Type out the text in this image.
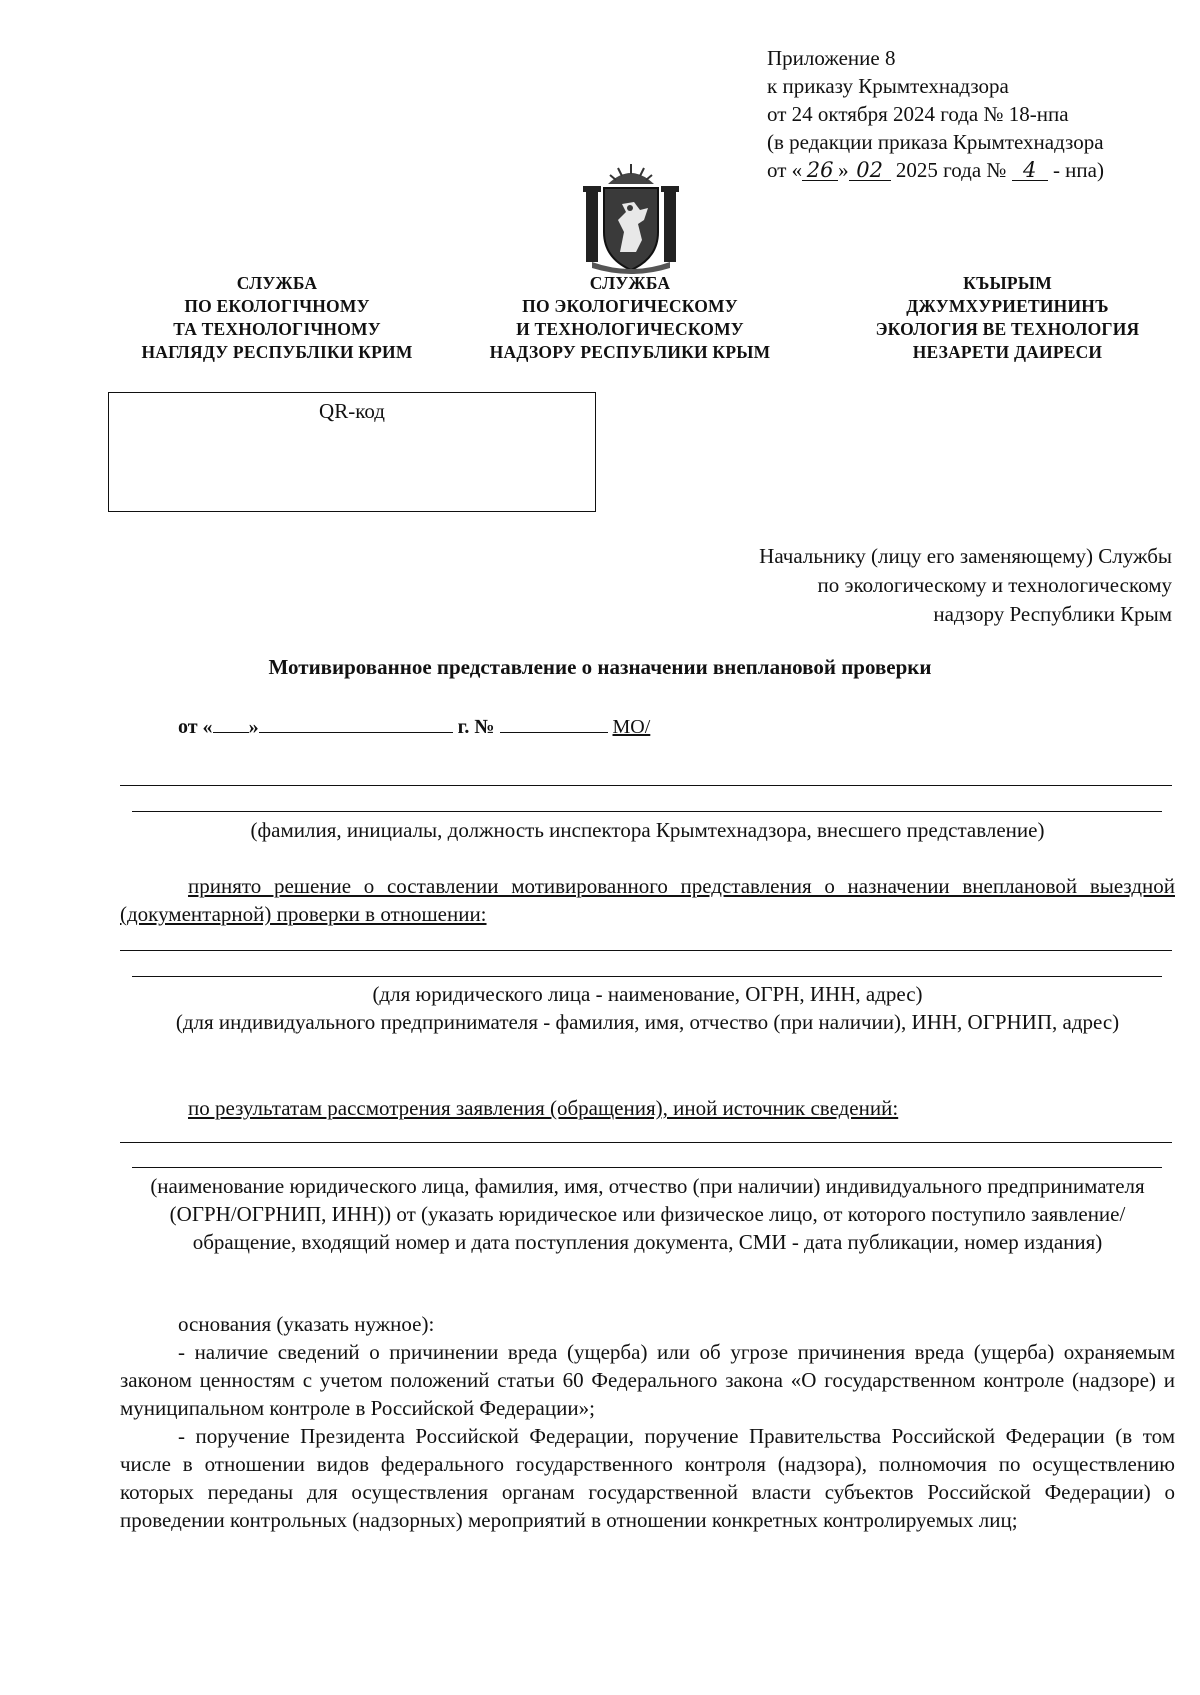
Приложение 8
к приказу Крымтехнадзора
от 24 октября 2024 года № 18-нпа
(в редакции приказа Крымтехнадзора
от « 26 » 02 2025 года № 4 - нпа)
СЛУЖБА
ПО ЕКОЛОГІЧНОМУ
ТА ТЕХНОЛОГІЧНОМУ
НАГЛЯДУ РЕСПУБЛІКИ КРИМ
СЛУЖБА
ПО ЭКОЛОГИЧЕСКОМУ
И ТЕХНОЛОГИЧЕСКОМУ
НАДЗОРУ РЕСПУБЛИКИ КРЫМ
КЪЫРЫМ
ДЖУМХУРИЕТИНИНЪ
ЭКОЛОГИЯ ВЕ ТЕХНОЛОГИЯ
НЕЗАРЕТИ ДАИРЕСИ
QR-код
Начальнику (лицу его заменяющему) Службы
по экологическому и технологическому
надзору Республики Крым
Мотивированное представление о назначении внеплановой проверки
от « »	г. №	МО/
(фамилия, инициалы, должность инспектора Крымтехнадзора, внесшего представление)
принято решение о составлении мотивированного представления о назначении внеплановой выездной (документарной) проверки в отношении:
(для юридического лица - наименование, ОГРН, ИНН, адрес)
(для индивидуального предпринимателя - фамилия, имя, отчество (при наличии), ИНН, ОГРНИП, адрес)
по результатам рассмотрения заявления (обращения), иной источник сведений:
(наименование юридического лица, фамилия, имя, отчество (при наличии) индивидуального предпринимателя (ОГРН/ОГРНИП, ИНН)) от (указать юридическое или физическое лицо, от которого поступило заявление/обращение, входящий номер и дата поступления документа, СМИ - дата публикации, номер издания)
основания (указать нужное):
- наличие сведений о причинении вреда (ущерба) или об угрозе причинения вреда (ущерба) охраняемым законом ценностям с учетом положений статьи 60 Федерального закона «О государственном контроле (надзоре) и муниципальном контроле в Российской Федерации»;
- поручение Президента Российской Федерации, поручение Правительства Российской Федерации (в том числе в отношении видов федерального государственного контроля (надзора), полномочия по осуществлению которых переданы для осуществления органам государственной власти субъектов Российской Федерации) о проведении контрольных (надзорных) мероприятий в отношении конкретных контролируемых лиц;
